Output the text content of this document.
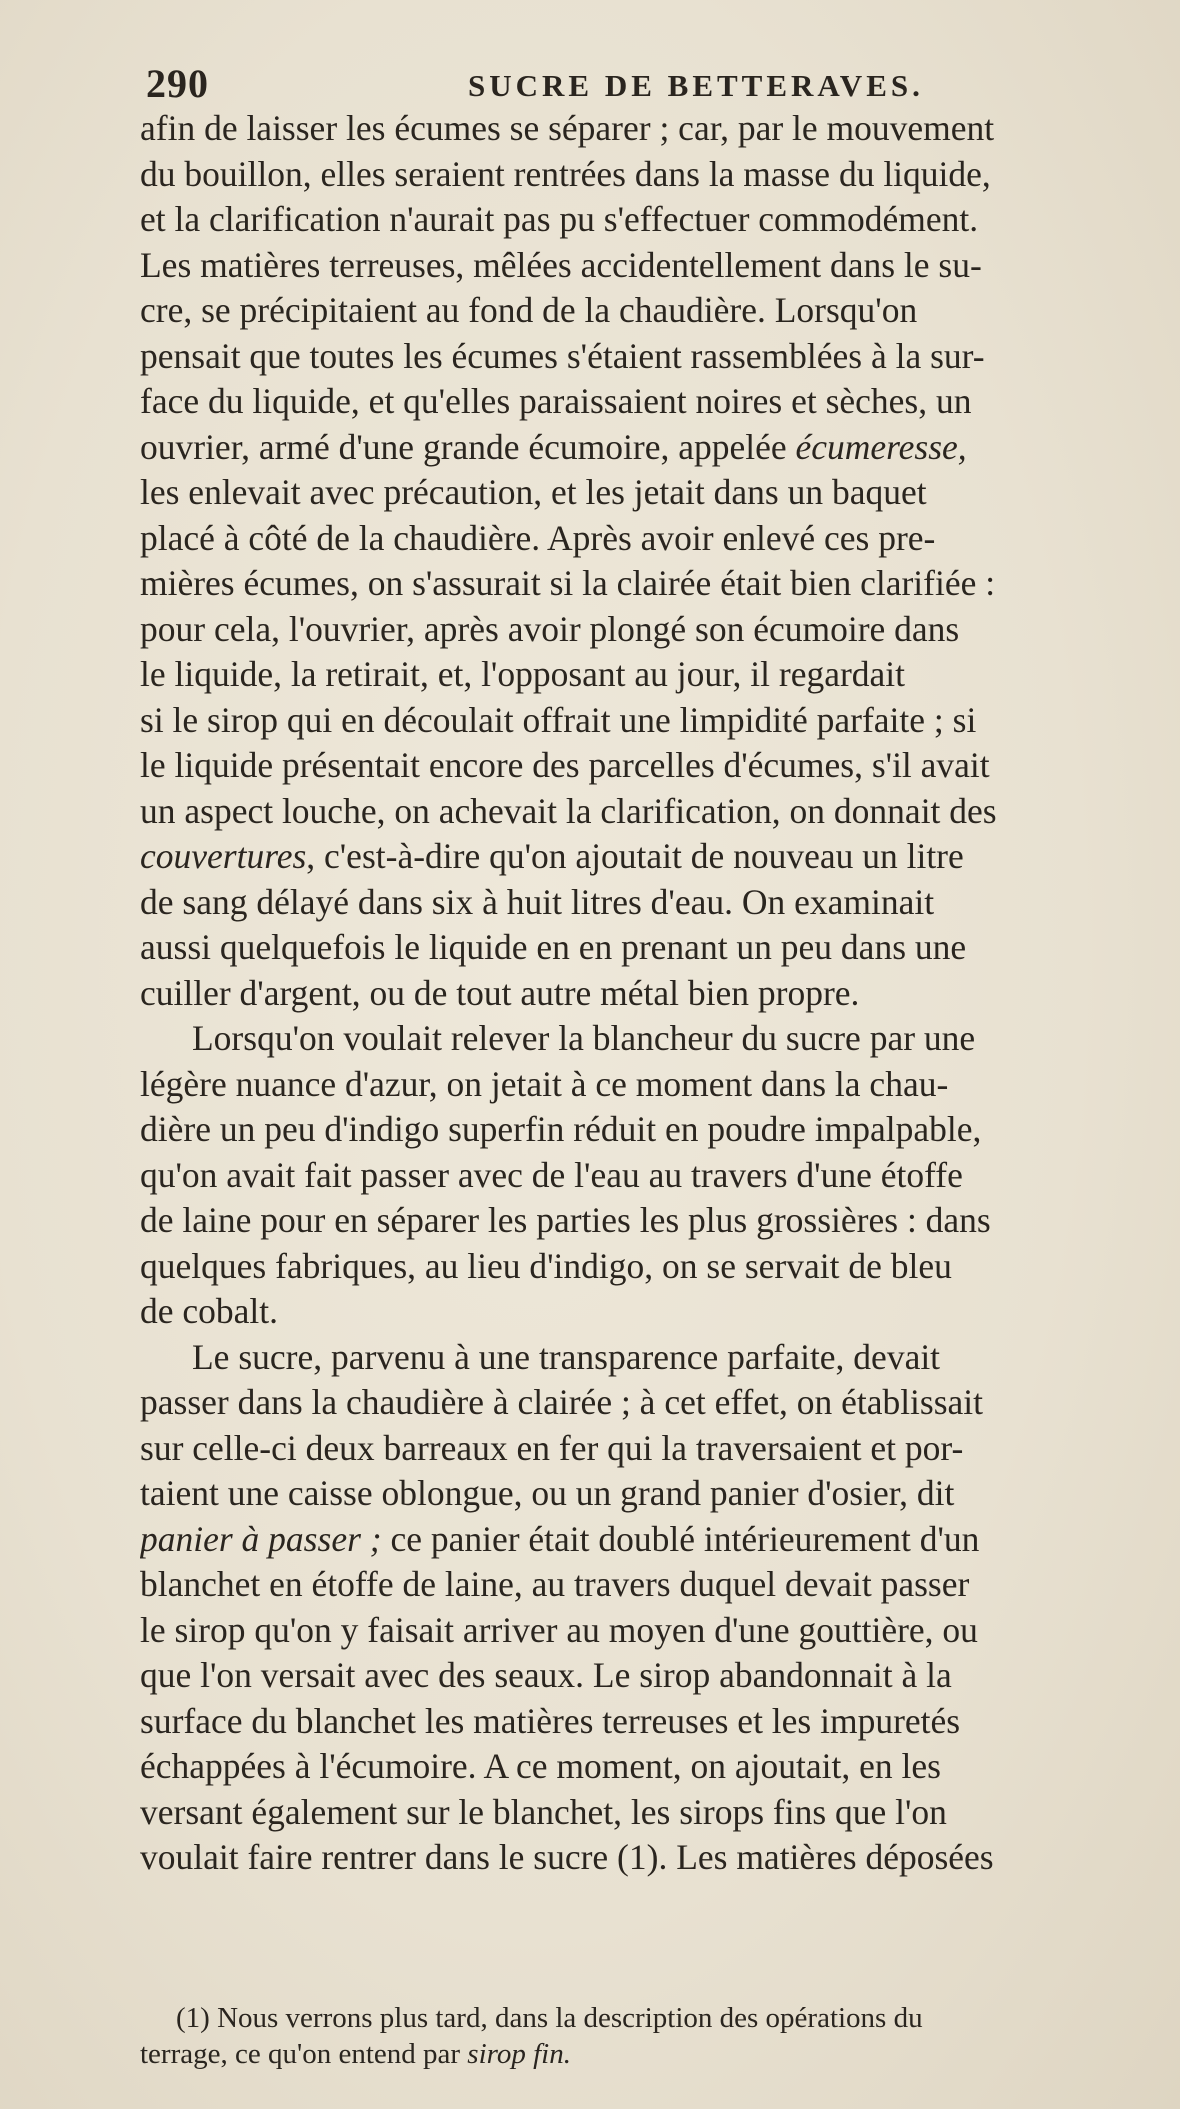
290	SUCRE DE BETTERAVES.
afin de laisser les écumes se séparer ; car, par le mouvement
du bouillon, elles seraient rentrées dans la masse du liquide,
et la clarification n'aurait pas pu s'effectuer commodément.
Les matières terreuses, mêlées accidentellement dans le su-
cre, se précipitaient au fond de la chaudière. Lorsqu'on
pensait que toutes les écumes s'étaient rassemblées à la sur-
face du liquide, et qu'elles paraissaient noires et sèches, un
ouvrier, armé d'une grande écumoire, appelée écumeresse,
les enlevait avec précaution, et les jetait dans un baquet
placé à côté de la chaudière. Après avoir enlevé ces pre-
mières écumes, on s'assurait si la clairée était bien clarifiée :
pour cela, l'ouvrier, après avoir plongé son écumoire dans
le liquide, la retirait, et, l'opposant au jour, il regardait
si le sirop qui en découlait offrait une limpidité parfaite ; si
le liquide présentait encore des parcelles d'écumes, s'il avait
un aspect louche, on achevait la clarification, on donnait des
couvertures, c'est-à-dire qu'on ajoutait de nouveau un litre
de sang délayé dans six à huit litres d'eau. On examinait
aussi quelquefois le liquide en en prenant un peu dans une
cuiller d'argent, ou de tout autre métal bien propre.
Lorsqu'on voulait relever la blancheur du sucre par une
légère nuance d'azur, on jetait à ce moment dans la chau-
dière un peu d'indigo superfin réduit en poudre impalpable,
qu'on avait fait passer avec de l'eau au travers d'une étoffe
de laine pour en séparer les parties les plus grossières : dans
quelques fabriques, au lieu d'indigo, on se servait de bleu
de cobalt.
Le sucre, parvenu à une transparence parfaite, devait
passer dans la chaudière à clairée ; à cet effet, on établissait
sur celle-ci deux barreaux en fer qui la traversaient et por-
taient une caisse oblongue, ou un grand panier d'osier, dit
panier à passer ; ce panier était doublé intérieurement d'un
blanchet en étoffe de laine, au travers duquel devait passer
le sirop qu'on y faisait arriver au moyen d'une gouttière, ou
que l'on versait avec des seaux. Le sirop abandonnait à la
surface du blanchet les matières terreuses et les impuretés
échappées à l'écumoire. A ce moment, on ajoutait, en les
versant également sur le blanchet, les sirops fins que l'on
voulait faire rentrer dans le sucre (1). Les matières déposées
(1) Nous verrons plus tard, dans la description des opérations du
terrage, ce qu'on entend par sirop fin.
